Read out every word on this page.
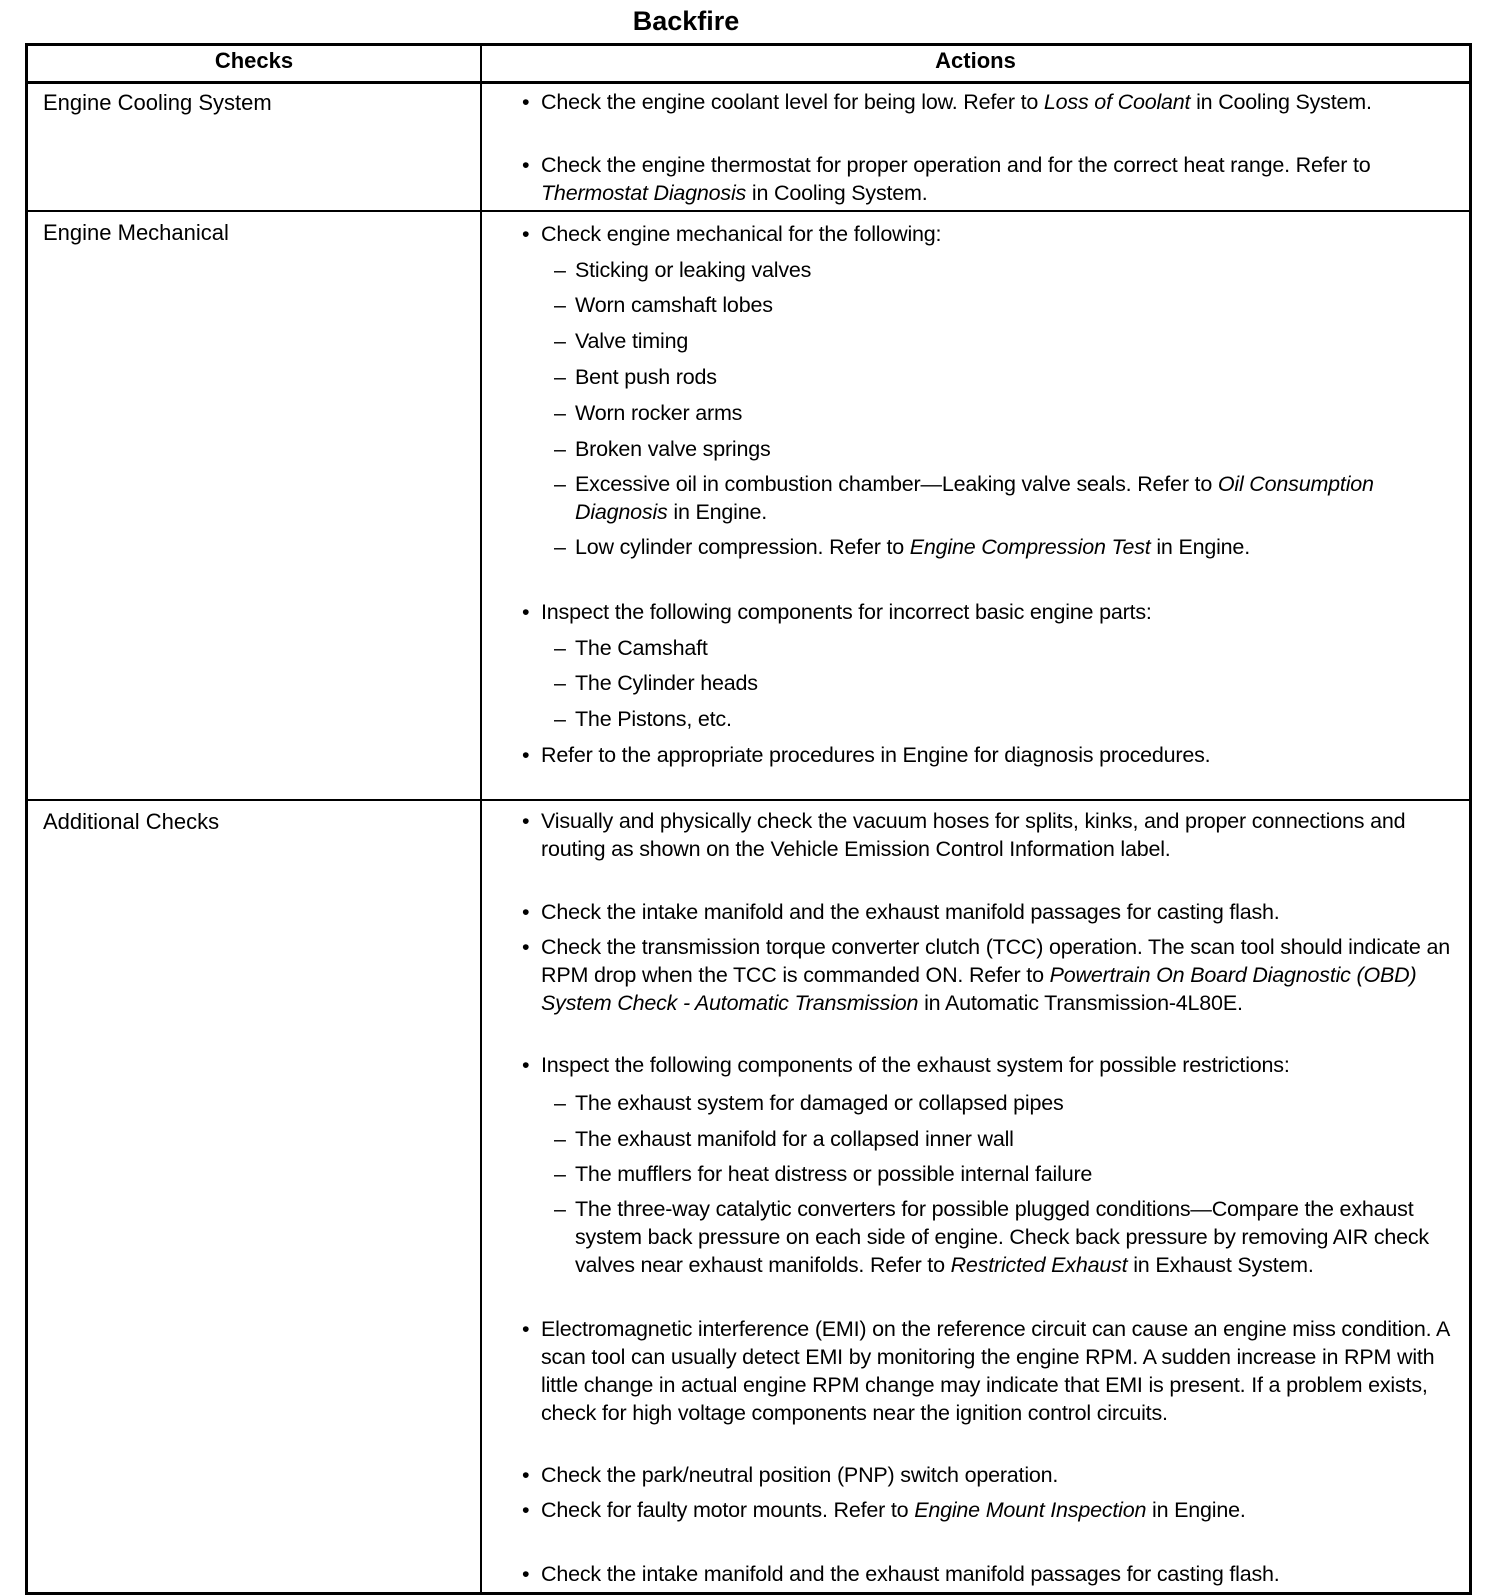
Backfire
Checks	Actions
Engine Cooling System
Engine Mechanical
Additional Checks
• Check the engine coolant level for being low. Refer to Loss of Coolant in Cooling System.
• Check the engine thermostat for proper operation and for the correct heat range. Refer to Thermostat Diagnosis in Cooling System.
• Check engine mechanical for the following:
– Sticking or leaking valves
– Worn camshaft lobes
– Valve timing
– Bent push rods
– Worn rocker arms
– Broken valve springs
– Excessive oil in combustion chamber—Leaking valve seals. Refer to Oil Consumption Diagnosis in Engine.
– Low cylinder compression. Refer to Engine Compression Test in Engine.
• Inspect the following components for incorrect basic engine parts:
– The Camshaft
– The Cylinder heads
– The Pistons, etc.
• Refer to the appropriate procedures in Engine for diagnosis procedures.
• Visually and physically check the vacuum hoses for splits, kinks, and proper connections and routing as shown on the Vehicle Emission Control Information label.
• Check the intake manifold and the exhaust manifold passages for casting flash.
• Check the transmission torque converter clutch (TCC) operation. The scan tool should indicate an RPM drop when the TCC is commanded ON. Refer to Powertrain On Board Diagnostic (OBD) System Check - Automatic Transmission in Automatic Transmission-4L80E.
• Inspect the following components of the exhaust system for possible restrictions:
– The exhaust system for damaged or collapsed pipes
– The exhaust manifold for a collapsed inner wall
– The mufflers for heat distress or possible internal failure
– The three-way catalytic converters for possible plugged conditions—Compare the exhaust system back pressure on each side of engine. Check back pressure by removing AIR check valves near exhaust manifolds. Refer to Restricted Exhaust in Exhaust System.
• Electromagnetic interference (EMI) on the reference circuit can cause an engine miss condition. A scan tool can usually detect EMI by monitoring the engine RPM. A sudden increase in RPM with little change in actual engine RPM change may indicate that EMI is present. If a problem exists, check for high voltage components near the ignition control circuits.
• Check the park/neutral position (PNP) switch operation.
• Check for faulty motor mounts. Refer to Engine Mount Inspection in Engine.
• Check the intake manifold and the exhaust manifold passages for casting flash.
